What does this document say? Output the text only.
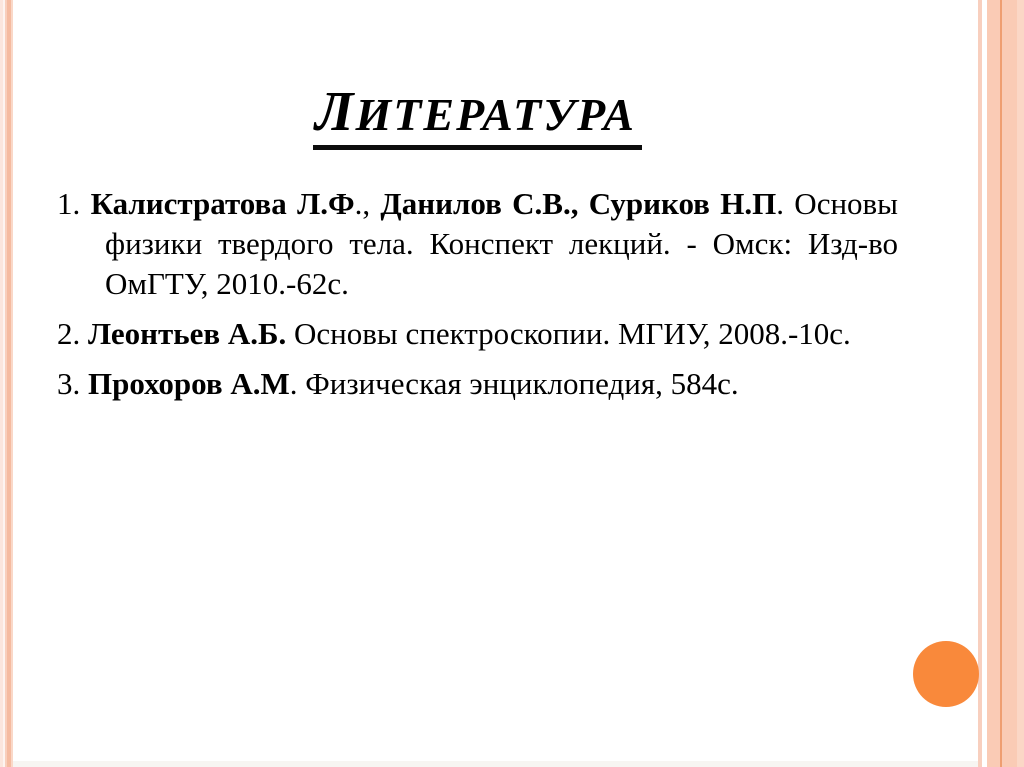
ЛИТЕРАТУРА

1. Калистратова Л.Ф., Данилов С.В., Суриков Н.П. Основы физики твердого тела. Конспект лекций. - Омск: Изд-во ОмГТУ, 2010.-62с.

2. Леонтьев А.Б. Основы спектроскопии. МГИУ, 2008.-10с.

3. Прохоров А.М. Физическая энциклопедия, 584с.
